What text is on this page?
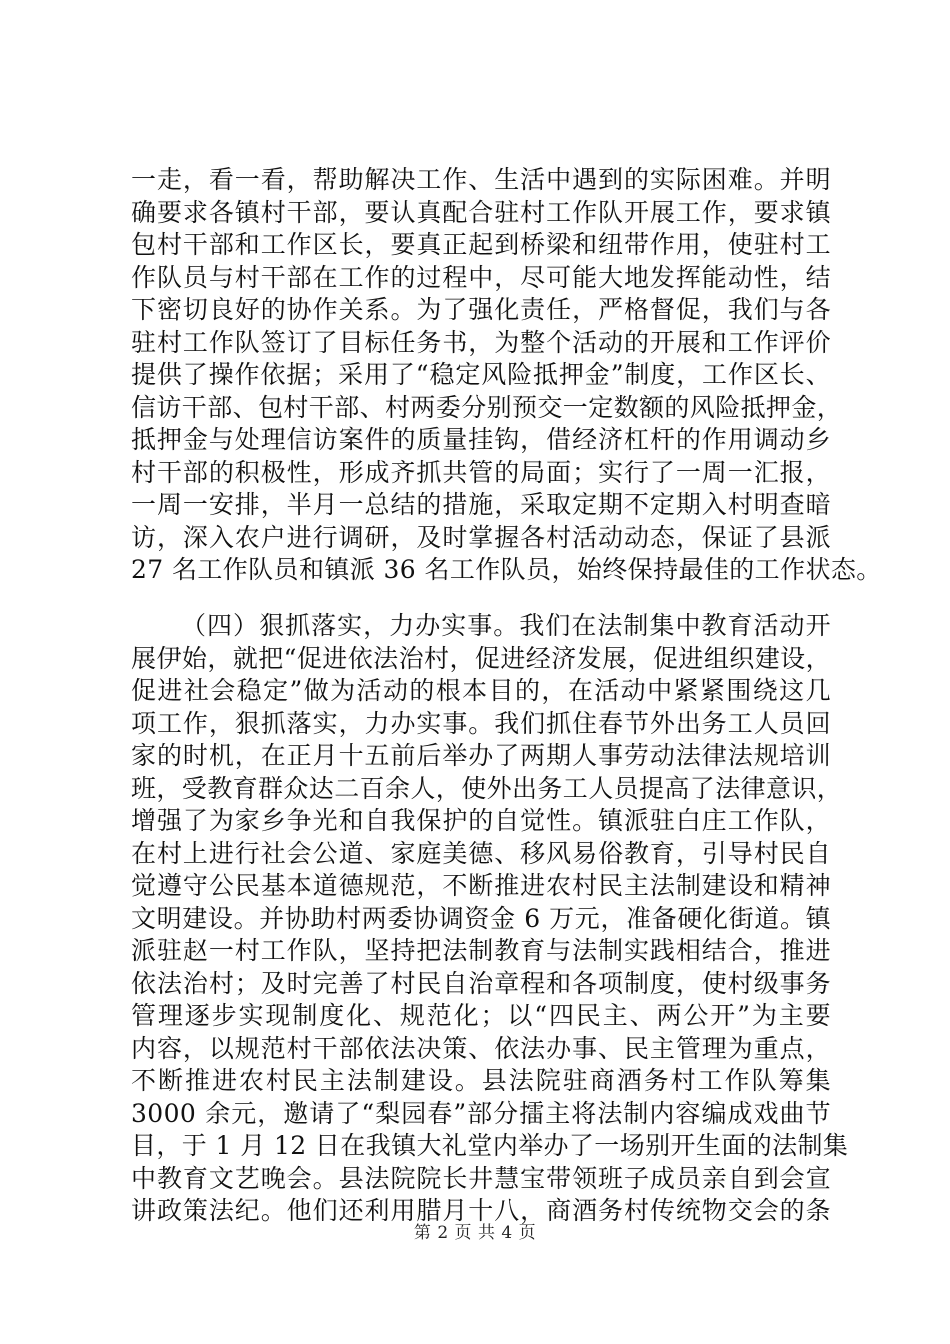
一走，看一看，帮助解决工作、生活中遇到的实际困难。并明
确要求各镇村干部，要认真配合驻村工作队开展工作，要求镇
包村干部和工作区长，要真正起到桥梁和纽带作用，使驻村工
作队员与村干部在工作的过程中，尽可能大地发挥能动性，结
下密切良好的协作关系。为了强化责任，严格督促，我们与各
驻村工作队签订了目标任务书，为整个活动的开展和工作评价
提供了操作依据；采用了“稳定风险抵押金”制度，工作区长、
信访干部、包村干部、村两委分别预交一定数额的风险抵押金，
抵押金与处理信访案件的质量挂钩，借经济杠杆的作用调动乡
村干部的积极性，形成齐抓共管的局面；实行了一周一汇报，
一周一安排，半月一总结的措施，采取定期不定期入村明查暗
访，深入农户进行调研，及时掌握各村活动动态，保证了县派
27 名工作队员和镇派 36 名工作队员，始终保持最佳的工作状态。
（四）狠抓落实，力办实事。我们在法制集中教育活动开
展伊始，就把“促进依法治村，促进经济发展，促进组织建设，
促进社会稳定”做为活动的根本目的，在活动中紧紧围绕这几
项工作，狠抓落实，力办实事。我们抓住春节外出务工人员回
家的时机，在正月十五前后举办了两期人事劳动法律法规培训
班，受教育群众达二百余人，使外出务工人员提高了法律意识，
增强了为家乡争光和自我保护的自觉性。镇派驻白庄工作队，
在村上进行社会公道、家庭美德、移风易俗教育，引导村民自
觉遵守公民基本道德规范，不断推进农村民主法制建设和精神
文明建设。并协助村两委协调资金 6 万元，准备硬化街道。镇
派驻赵一村工作队，坚持把法制教育与法制实践相结合，推进
依法治村；及时完善了村民自治章程和各项制度，使村级事务
管理逐步实现制度化、规范化；以“四民主、两公开”为主要
内容，以规范村干部依法决策、依法办事、民主管理为重点，
不断推进农村民主法制建设。县法院驻商酒务村工作队筹集
3000 余元，邀请了“梨园春”部分擂主将法制内容编成戏曲节
目，于 1 月 12 日在我镇大礼堂内举办了一场别开生面的法制集
中教育文艺晚会。县法院院长井慧宝带领班子成员亲自到会宣
讲政策法纪。他们还利用腊月十八，商酒务村传统物交会的条
第 2 页 共 4 页
